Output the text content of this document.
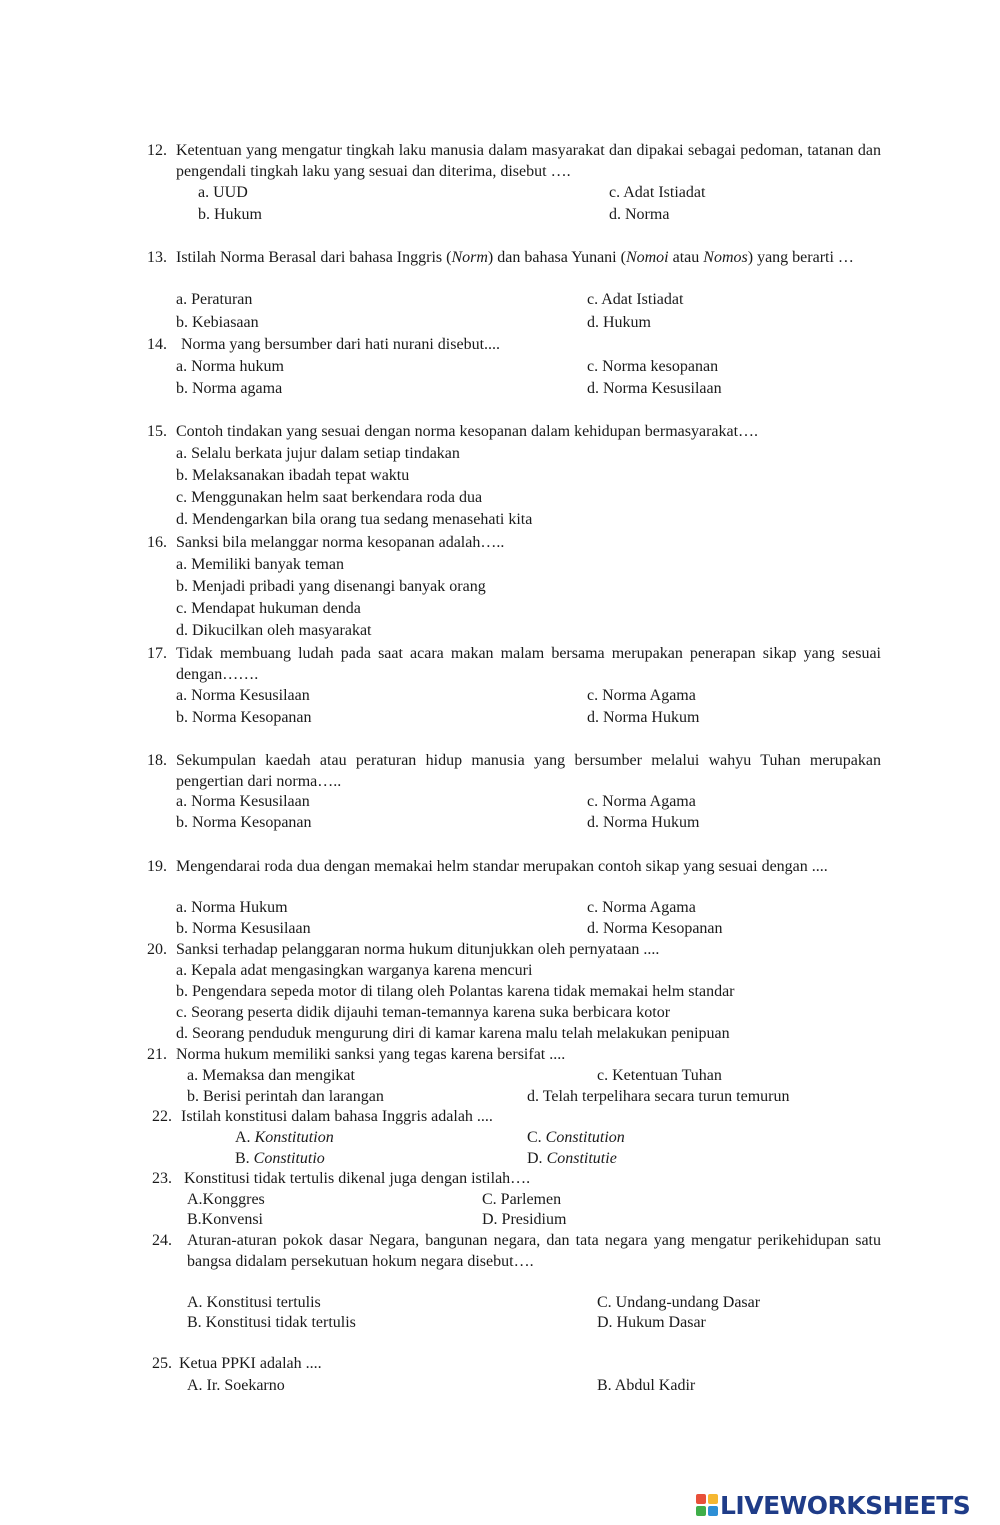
12. Ketentuan yang mengatur tingkah laku manusia dalam masyarakat dan dipakai sebagai pedoman, tatanan dan pengendali tingkah laku yang sesuai dan diterima, disebut ….
a. UUD
b. Hukum
c. Adat Istiadat
d. Norma
13. Istilah Norma Berasal dari bahasa Inggris (Norm) dan bahasa Yunani (Nomoi atau Nomos) yang berarti …
a. Peraturan
b. Kebiasaan
c. Adat Istiadat
d. Hukum
14. Norma yang bersumber dari hati nurani disebut....
a. Norma hukum
b. Norma agama
c. Norma kesopanan
d. Norma Kesusilaan
15. Contoh tindakan yang sesuai dengan norma kesopanan dalam kehidupan bermasyarakat….
a. Selalu berkata jujur dalam setiap tindakan
b. Melaksanakan ibadah tepat waktu
c. Menggunakan helm saat berkendara roda dua
d. Mendengarkan bila orang tua sedang menasehati kita
16. Sanksi bila melanggar norma kesopanan adalah…..
a. Memiliki banyak teman
b. Menjadi pribadi yang disenangi banyak orang
c. Mendapat hukuman denda
d. Dikucilkan oleh masyarakat
17. Tidak membuang ludah pada saat acara makan malam bersama merupakan penerapan sikap yang sesuai dengan…….
a. Norma Kesusilaan
b. Norma Kesopanan
c. Norma Agama
d. Norma Hukum
18. Sekumpulan kaedah atau peraturan hidup manusia yang bersumber melalui wahyu Tuhan merupakan pengertian dari norma…..
a. Norma Kesusilaan
b. Norma Kesopanan
c. Norma Agama
d. Norma Hukum
19. Mengendarai roda dua dengan memakai helm standar merupakan contoh sikap yang sesuai dengan ....
a. Norma Hukum
b. Norma Kesusilaan
c. Norma Agama
d. Norma Kesopanan
20. Sanksi terhadap pelanggaran norma hukum ditunjukkan oleh pernyataan ....
a. Kepala adat mengasingkan warganya karena mencuri
b. Pengendara sepeda motor di tilang oleh Polantas karena tidak memakai helm standar
c. Seorang peserta didik dijauhi teman-temannya karena suka berbicara kotor
d. Seorang penduduk mengurung diri di kamar karena malu telah melakukan penipuan
21. Norma hukum memiliki sanksi yang tegas karena bersifat ....
a. Memaksa dan mengikat
b. Berisi perintah dan larangan
c. Ketentuan Tuhan
d. Telah terpelihara secara turun temurun
22. Istilah konstitusi dalam bahasa Inggris adalah ....
A. Konstitution
B. Constitutio
C. Constitution
D. Constitutie
23. Konstitusi tidak tertulis dikenal juga dengan istilah….
A.Konggres
B.Konvensi
C. Parlemen
D. Presidium
24. Aturan-aturan pokok dasar Negara, bangunan negara, dan tata negara yang mengatur perikehidupan satu bangsa didalam persekutuan hokum negara disebut….
A. Konstitusi tertulis
B. Konstitusi tidak tertulis
C. Undang-undang Dasar
D. Hukum Dasar
25. Ketua PPKI adalah ....
A. Ir. Soekarno	B. Abdul Kadir
LIVEWORKSHEETS
